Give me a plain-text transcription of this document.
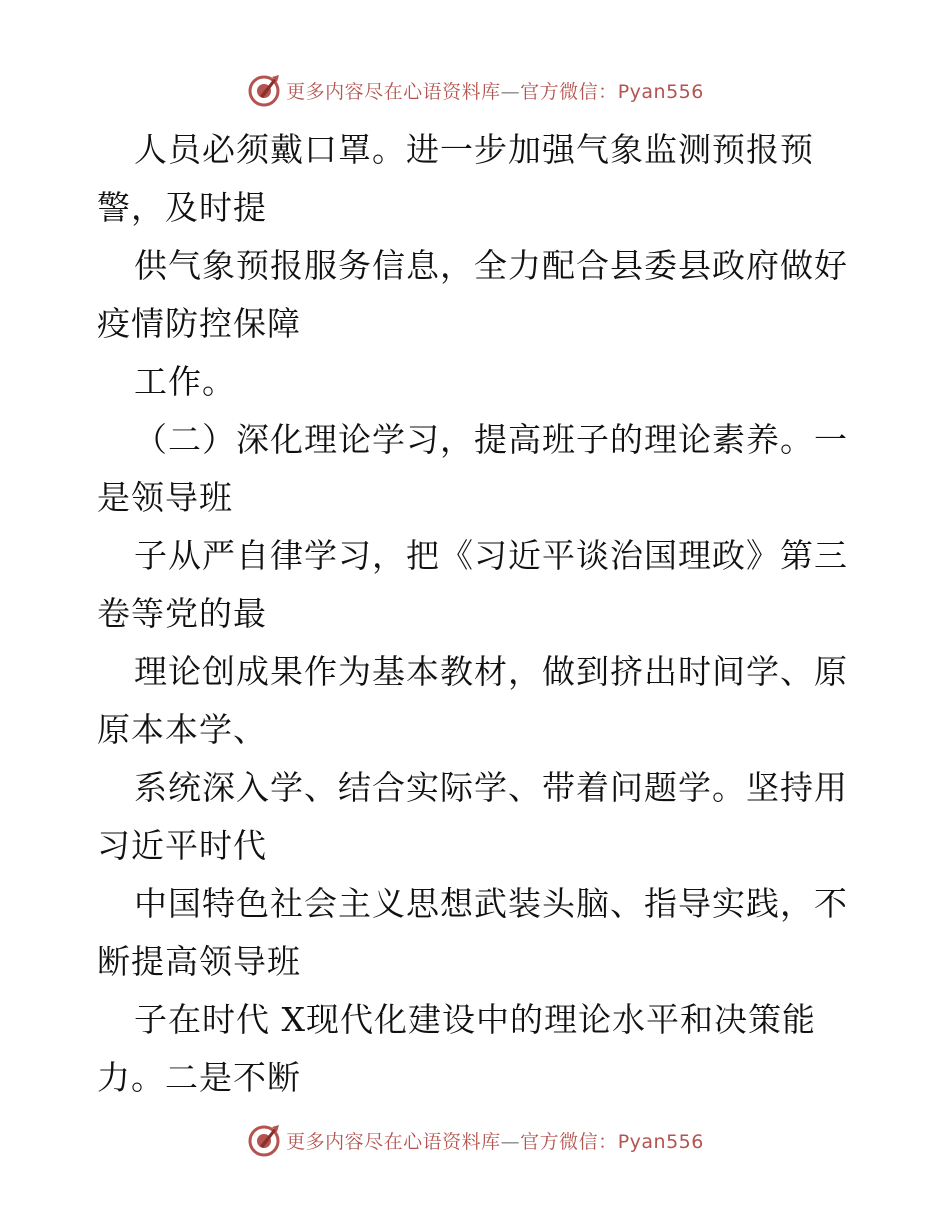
更多内容尽在心语资料库—官方微信：Pyan556
人员必须戴口罩。进一步加强气象监测预报预
警，及时提
供气象预报服务信息，全力配合县委县政府做好
疫情防控保障
工作。
（二）深化理论学习，提高班子的理论素养。一
是领导班
子从严自律学习，把《习近平谈治国理政》第三
卷等党的最
理论创成果作为基本教材，做到挤出时间学、原
原本本学、
系统深入学、结合实际学、带着问题学。坚持用
习近平时代
中国特色社会主义思想武装头脑、指导实践，不
断提高领导班
子在时代 X现代化建设中的理论水平和决策能
力。二是不断
更多内容尽在心语资料库—官方微信：Pyan556
